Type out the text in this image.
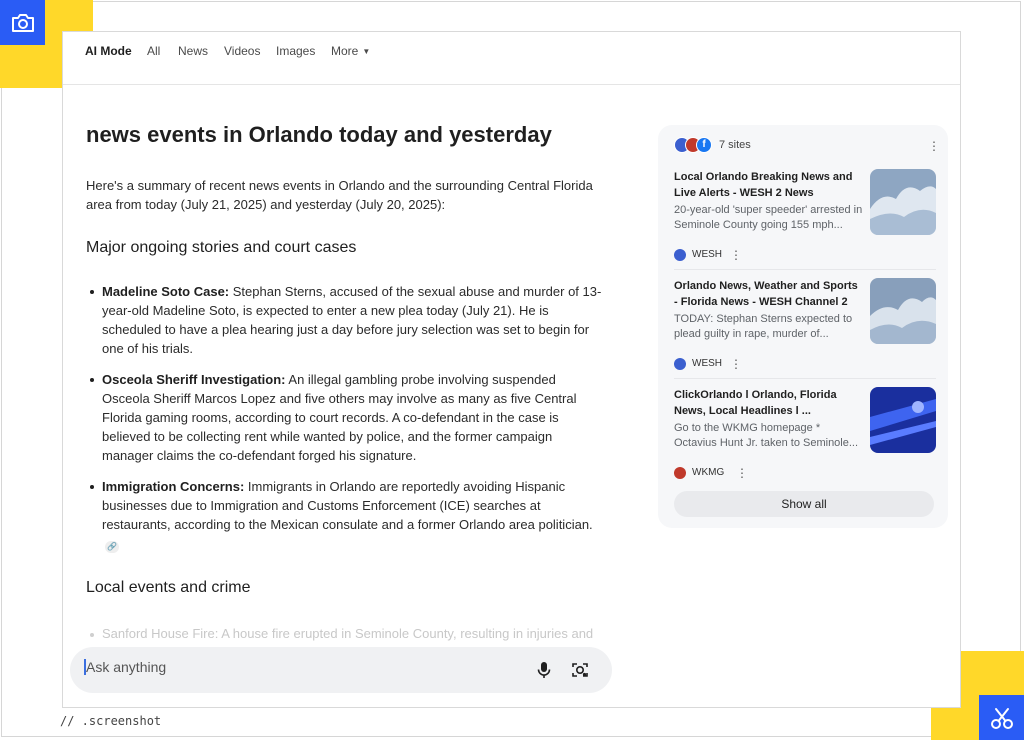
// .screenshot
AI Mode All News Videos Images More ▼
news events in Orlando today and yesterday
Here's a summary of recent news events in Orlando and the surrounding Central Florida area from today (July 21, 2025) and yesterday (July 20, 2025):
Major ongoing stories and court cases
Madeline Soto Case: Stephan Sterns, accused of the sexual abuse and murder of 13-year-old Madeline Soto, is expected to enter a new plea today (July 21). He is scheduled to have a plea hearing just a day before jury selection was set to begin for one of his trials.
Osceola Sheriff Investigation: An illegal gambling probe involving suspended Osceola Sheriff Marcos Lopez and five others may involve as many as five Central Florida gaming rooms, according to court records. A co-defendant in the case is believed to be collecting rent while wanted by police, and the former campaign manager claims the co-defendant forged his signature.
Immigration Concerns: Immigrants in Orlando are reportedly avoiding Hispanic businesses due to Immigration and Customs Enforcement (ICE) searches at restaurants, according to the Mexican consulate and a former Orlando area politician.🔗
Local events and crime
Sanford House Fire: A house fire erupted in Seminole County, resulting in injuries and
Ask anything
f	7 sites	⋮
Local Orlando Breaking News and Live Alerts - WESH 2 News
20-year-old 'super speeder' arrested in Seminole County going 155 mph...
WESH ⋮
Orlando News, Weather and Sports - Florida News - WESH Channel 2
TODAY: Stephan Sterns expected to plead guilty in rape, murder of...
WESH ⋮
ClickOrlando l Orlando, Florida News, Local Headlines l ...
Go to the WKMG homepage * Octavius Hunt Jr. taken to Seminole...
WKMG ⋮
Show all
